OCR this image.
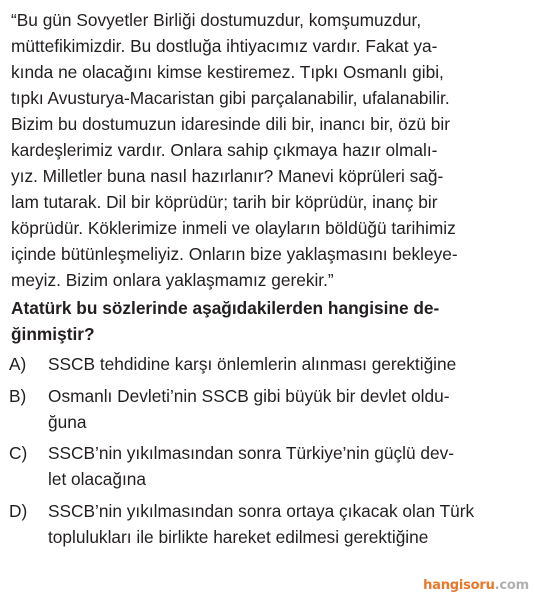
“Bu gün Sovyetler Birliği dostumuzdur, komşumuzdur,
müttefikimizdir. Bu dostluğa ihtiyacımız vardır. Fakat ya-
kında ne olacağını kimse kestiremez. Tıpkı Osmanlı gibi,
tıpkı Avusturya-Macaristan gibi parçalanabilir, ufalanabilir.
Bizim bu dostumuzun idaresinde dili bir, inancı bir, özü bir
kardeşlerimiz vardır. Onlara sahip çıkmaya hazır olmalı-
yız. Milletler buna nasıl hazırlanır? Manevi köprüleri sağ-
lam tutarak. Dil bir köprüdür; tarih bir köprüdür, inanç bir
köprüdür. Köklerimize inmeli ve olayların böldüğü tarihimiz
içinde bütünleşmeliyiz. Onların bize yaklaşmasını bekleye-
meyiz. Bizim onlara yaklaşmamız gerekir.”
Atatürk bu sözlerinde aşağıdakilerden hangisine de-
ğinmiştir?
A) SSCB tehdidine karşı önlemlerin alınması gerektiğine
B) Osmanlı Devleti’nin SSCB gibi büyük bir devlet oldu-
ğuna
C) SSCB’nin yıkılmasından sonra Türkiye’nin güçlü dev-
let olacağına
D) SSCB’nin yıkılmasından sonra ortaya çıkacak olan Türk
toplulukları ile birlikte hareket edilmesi gerektiğine
hangisoru.com
